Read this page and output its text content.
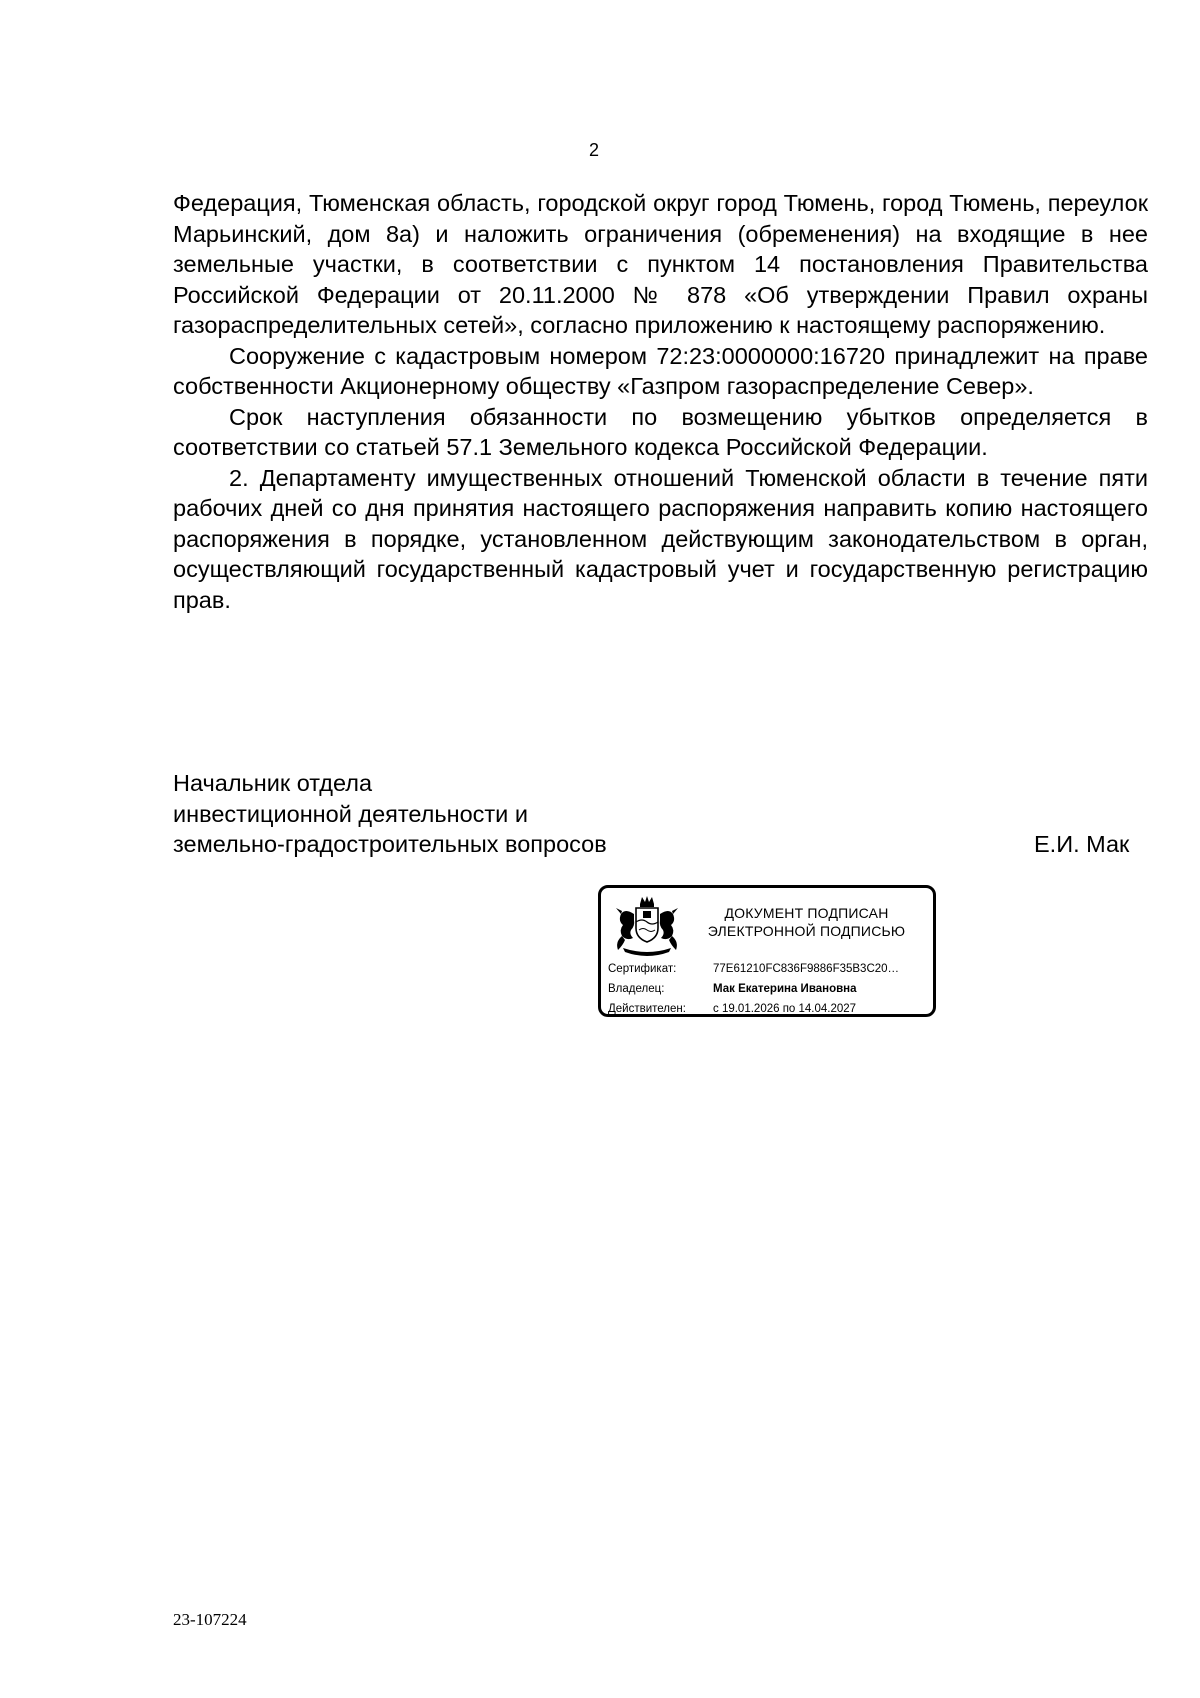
2

Федерация, Тюменская область, городской округ город Тюмень, город Тюмень, переулок Марьинский, дом 8а) и наложить ограничения (обременения) на входящие в нее земельные участки, в соответствии с пунктом 14 постановления Правительства Российской Федерации от 20.11.2000 № 878 «Об утверждении Правил охраны газораспределительных сетей», согласно приложению к настоящему распоряжению.

Сооружение с кадастровым номером 72:23:0000000:16720 принадлежит на праве собственности Акционерному обществу «Газпром газораспределение Север».

Срок наступления обязанности по возмещению убытков определяется в соответствии со статьей 57.1 Земельного кодекса Российской Федерации.

2. Департаменту имущественных отношений Тюменской области в течение пяти рабочих дней со дня принятия настоящего распоряжения направить копию настоящего распоряжения в порядке, установленном действующим законодательством в орган, осуществляющий государственный кадастровый учет и государственную регистрацию прав.

Начальник отдела
инвестиционной деятельности и
земельно-градостроительных вопросов	Е.И. Мак
ДОКУМЕНТ ПОДПИСАН
ЭЛЕКТРОННОЙ ПОДПИСЬЮ
Сертификат:	77E61210FC836F9886F35B3C20…
Владелец:	Мак Екатерина Ивановна
Действителен: с 19.01.2026 по 14.04.2027
23-107224
